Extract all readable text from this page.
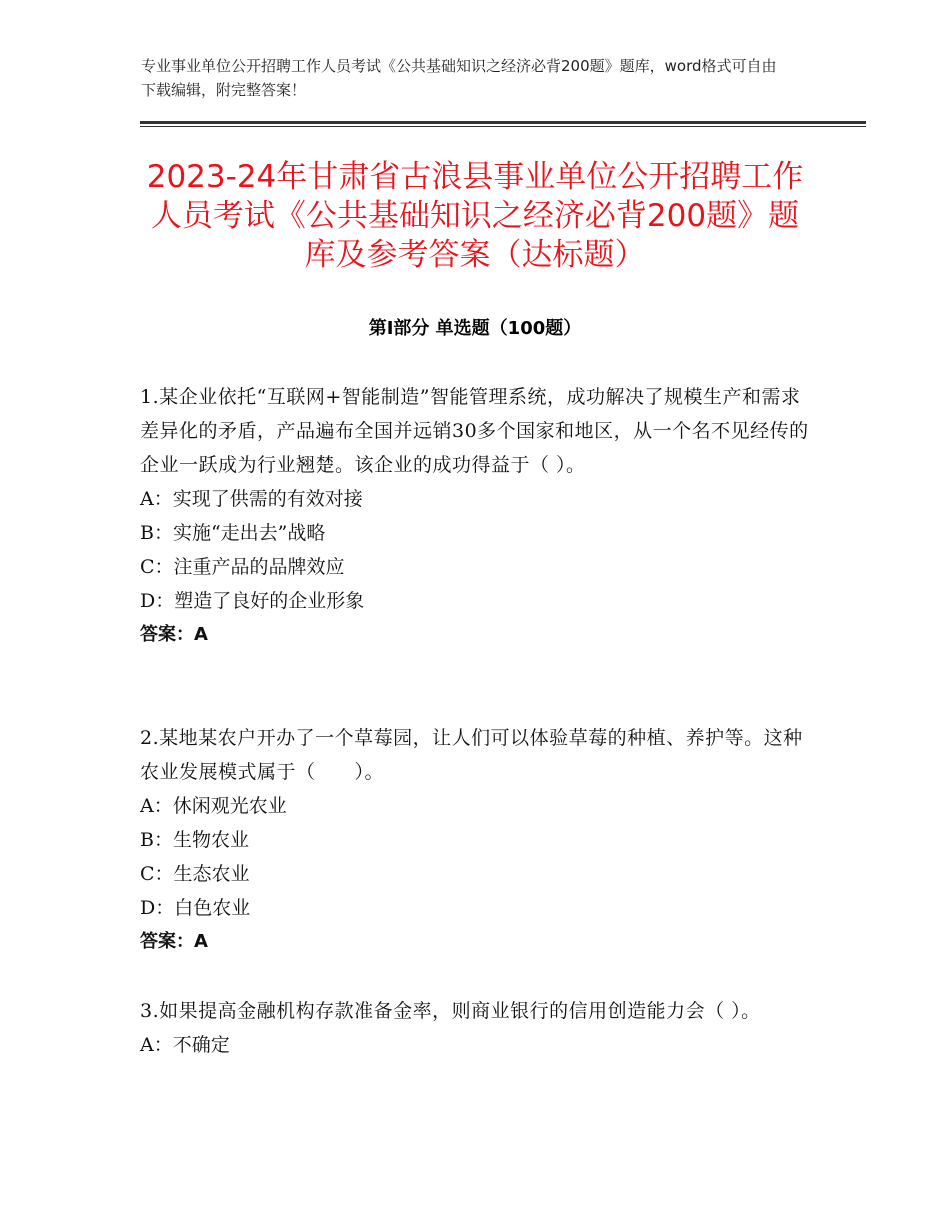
专业事业单位公开招聘工作人员考试《公共基础知识之经济必背200题》题库，word格式可自由下载编辑，附完整答案！
2023-24年甘肃省古浪县事业单位公开招聘工作人员考试《公共基础知识之经济必背200题》题库及参考答案（达标题）
第Ⅰ部分 单选题（100题）
1.某企业依托“互联网+智能制造”智能管理系统，成功解决了规模生产和需求差异化的矛盾，产品遍布全国并远销30多个国家和地区，从一个名不见经传的企业一跃成为行业翘楚。该企业的成功得益于（ ）。
A：实现了供需的有效对接
B：实施“走出去”战略
C：注重产品的品牌效应
D：塑造了良好的企业形象
答案：A
2.某地某农户开办了一个草莓园，让人们可以体验草莓的种植、养护等。这种农业发展模式属于（　　）。
A：休闲观光农业
B：生物农业
C：生态农业
D：白色农业
答案：A
3.如果提高金融机构存款准备金率，则商业银行的信用创造能力会（ ）。
A：不确定
